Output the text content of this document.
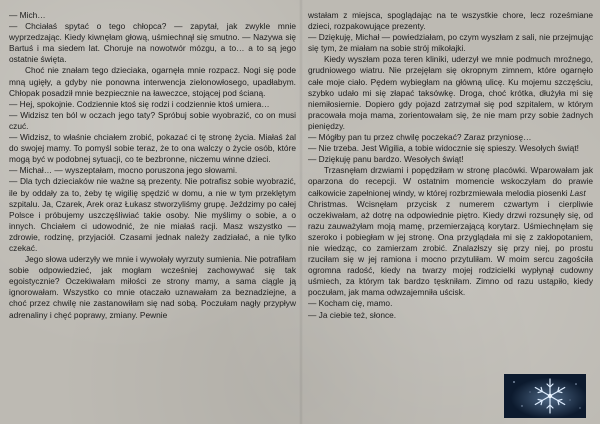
— Mich…

— Chciałaś spytać o tego chłopca? — zapytał, jak zwykle mnie wyprzedzając. Kiedy kiwnęłam głową, uśmiechnął się smutno. — Nazywa się Bartuś i ma siedem lat. Choruje na nowotwór mózgu, a to… a to są jego ostatnie święta.

Choć nie znałam tego dzieciaka, ogarnęła mnie rozpacz. Nogi się pode mną ugięły, a gdyby nie ponowna interwencja zielonowłosego, upadłabym. Chłopak posadził mnie bezpiecznie na ławeczce, stojącej pod ścianą.

— Hej, spokojnie. Codziennie ktoś się rodzi i codziennie ktoś umiera…

— Widzisz ten ból w oczach jego taty? Spróbuj sobie wyobrazić, co on musi czuć.

— Widzisz, to właśnie chciałem zrobić, pokazać ci tę stronę życia. Miałaś żal do swojej mamy. To pomyśl sobie teraz, że to ona walczy o życie osób, które mogą być w podobnej sytuacji, co te bezbronne, niczemu winne dzieci.

— Michał… — wyszeptałam, mocno poruszona jego słowami.

— Dla tych dzieciaków nie ważne są prezenty. Nie potrafisz sobie wyobrazić, ile by oddały za to, żeby tę wigilię spędzić w domu, a nie w tym przeklętym szpitalu. Ja, Czarek, Arek oraz Łukasz stworzyliśmy grupę. Jeździmy po całej Polsce i próbujemy uszczęśliwiać takie osoby. Nie myślimy o sobie, a o innych. Chciałem ci udowodnić, że nie miałaś racji. Masz wszystko — zdrowie, rodzinę, przyjaciół. Czasami jednak należy zadziałać, a nie tylko czekać.

Jego słowa uderzyły we mnie i wywołały wyrzuty sumienia. Nie potrafiłam sobie odpowiedzieć, jak mogłam wcześniej zachowywać się tak egoistycznie? Oczekiwałam miłości ze strony mamy, a sama ciągle ją ignorowałam. Wszystko co mnie otaczało uznawałam za beznadziejne, a choć przez chwilę nie zastanowiłam się nad sobą. Poczułam nagły przypływ adrenaliny i chęć poprawy, zmiany. Pewnie

wstałam z miejsca, spoglądając na te wszystkie chore, lecz roześmiane dzieci, rozpakowujące prezenty.

— Dziękuję, Michał — powiedziałam, po czym wyszłam z sali, nie przejmując się tym, że miałam na sobie strój mikołajki.

Kiedy wyszłam poza teren kliniki, uderzył we mnie podmuch mroźnego, grudniowego wiatru. Nie przejęłam się okropnym zimnem, które ogarnęło całe moje ciało. Pędem wybiegłam na główną ulicę. Ku mojemu szczęściu, szybko udało mi się złapać taksówkę. Droga, choć krótka, dłużyła mi się niemiłosiernie. Dopiero gdy pojazd zatrzymał się pod szpitalem, w którym pracowała moja mama, zorientowałam się, że nie mam przy sobie żadnych pieniędzy.

— Mógłby pan tu przez chwilę poczekać? Zaraz przyniosę…

— Nie trzeba. Jest Wigilia, a tobie widocznie się spieszy. Wesołych świąt!

— Dziękuję panu bardzo. Wesołych świąt!

Trzasnęłam drzwiami i popędziłam w stronę placówki. Wparowałam jak oparzona do recepcji. W ostatnim momencie wskoczyłam do prawie całkowicie zapełnionej windy, w której rozbrzmiewała melodia piosenki Last

Christmas. Wcisnęłam przycisk z numerem czwartym i cierpliwie oczekiwałam, aż dotrę na odpowiednie piętro. Kiedy drzwi rozsunęły się, od razu zauważyłam moją mamę, przemierzającą korytarz. Uśmiechnęłam się szeroko i pobiegłam w jej stronę. Ona przyglądała mi się z zakłopotaniem, nie wiedząc, co zamierzam zrobić. Znalazłszy się przy niej, po prostu rzuciłam się w jej ramiona i mocno przytuliłam. W moim sercu zagościła ogromna radość, kiedy na twarzy mojej rodzicielki wypłynął cudowny uśmiech, za którym tak bardzo tęskniłam. Zimno od razu ustąpiło, kiedy poczułam, jak mama odwzajemniła uścisk.

— Kocham cię, mamo.

— Ja ciebie też, słonce.
